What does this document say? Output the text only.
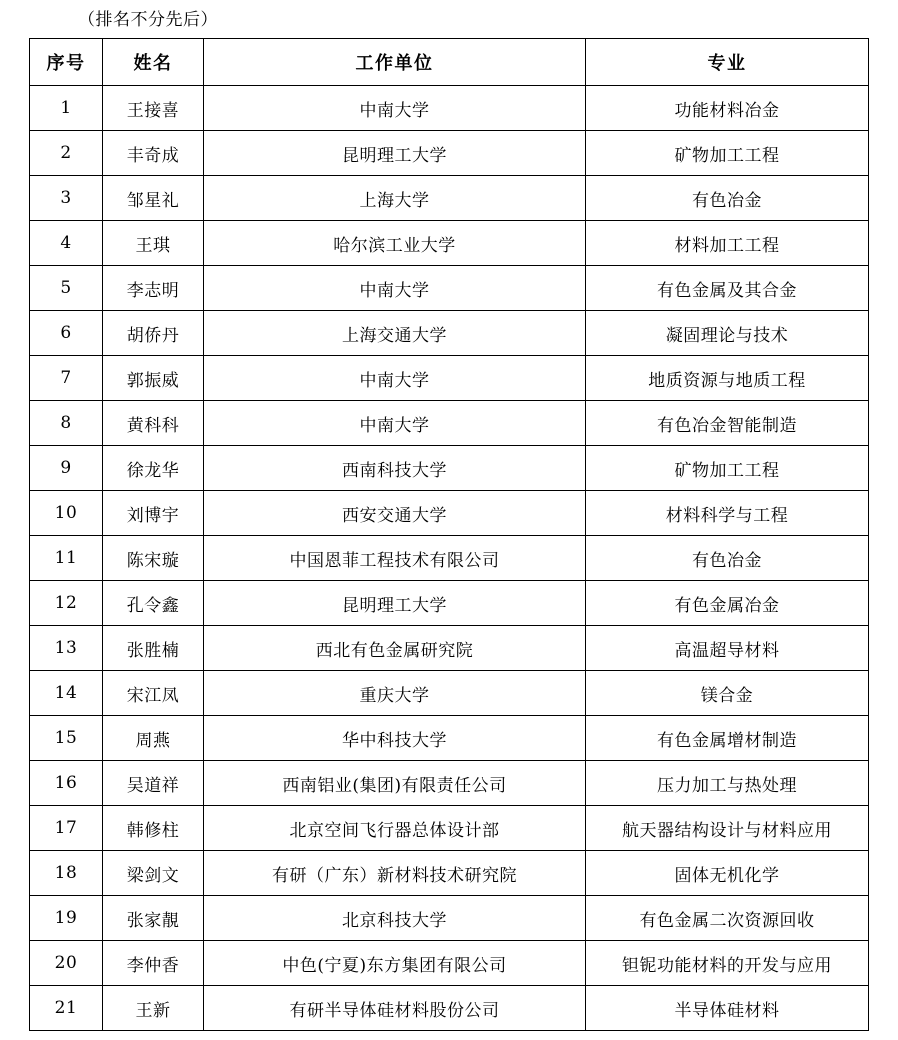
（排名不分先后）
序号	姓名	工作单位	专业
1	王接喜	中南大学	功能材料冶金
2	丰奇成	昆明理工大学	矿物加工工程
3	邹星礼	上海大学	有色冶金
4	王琪	哈尔滨工业大学	材料加工工程
5	李志明	中南大学	有色金属及其合金
6	胡侨丹	上海交通大学	凝固理论与技术
7	郭振威	中南大学	地质资源与地质工程
8	黄科科	中南大学	有色冶金智能制造
9	徐龙华	西南科技大学	矿物加工工程
10	刘博宇	西安交通大学	材料科学与工程
11	陈宋璇	中国恩菲工程技术有限公司	有色冶金
12	孔令鑫	昆明理工大学	有色金属冶金
13	张胜楠	西北有色金属研究院	高温超导材料
14	宋江凤	重庆大学	镁合金
15	周燕	华中科技大学	有色金属增材制造
16	吴道祥	西南铝业(集团)有限责任公司	压力加工与热处理
17	韩修柱	北京空间飞行器总体设计部	航天器结构设计与材料应用
18	梁剑文	有研（广东）新材料技术研究院	固体无机化学
19	张家靚	北京科技大学	有色金属二次资源回收
20	李仲香	中色(宁夏)东方集团有限公司	钽铌功能材料的开发与应用
21	王新	有研半导体硅材料股份公司	半导体硅材料
